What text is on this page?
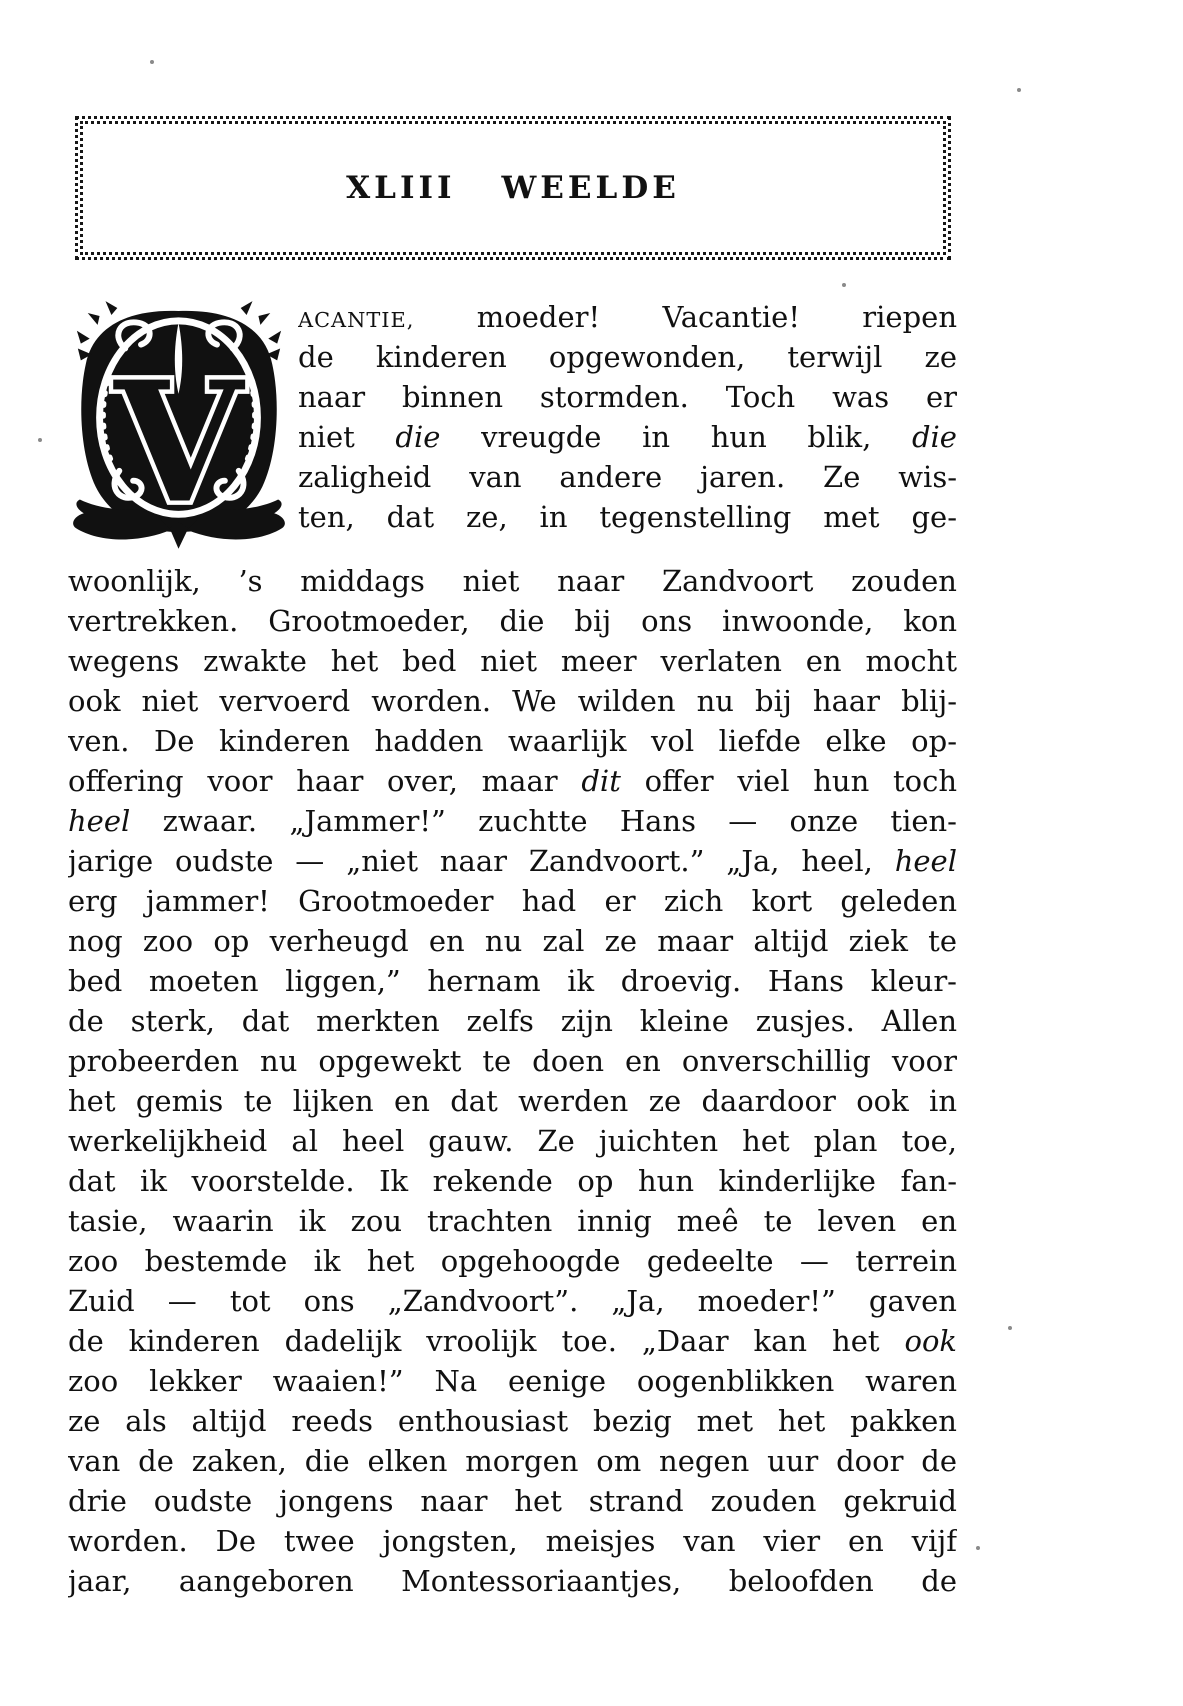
XLIII WEELDE
V
ACANTIE, moeder! Vacantie! riepen
de kinderen opgewonden, terwijl ze
naar binnen stormden. Toch was er
niet die vreugde in hun blik, die
zaligheid van andere jaren. Ze wis-
ten, dat ze, in tegenstelling met ge-
woonlijk, ’s middags niet naar Zandvoort zouden
vertrekken. Grootmoeder, die bij ons inwoonde, kon
wegens zwakte het bed niet meer verlaten en mocht
ook niet vervoerd worden. We wilden nu bij haar blij-
ven. De kinderen hadden waarlijk vol liefde elke op-
offering voor haar over, maar dit offer viel hun toch
heel zwaar. „Jammer!” zuchtte Hans — onze tien-
jarige oudste — „niet naar Zandvoort.” „Ja, heel, heel
erg jammer! Grootmoeder had er zich kort geleden
nog zoo op verheugd en nu zal ze maar altijd ziek te
bed moeten liggen,” hernam ik droevig. Hans kleur-
de sterk, dat merkten zelfs zijn kleine zusjes. Allen
probeerden nu opgewekt te doen en onverschillig voor
het gemis te lijken en dat werden ze daardoor ook in
werkelijkheid al heel gauw. Ze juichten het plan toe,
dat ik voorstelde. Ik rekende op hun kinderlijke fan-
tasie, waarin ik zou trachten innig meê te leven en
zoo bestemde ik het opgehoogde gedeelte — terrein
Zuid — tot ons „Zandvoort”. „Ja, moeder!” gaven
de kinderen dadelijk vroolijk toe. „Daar kan het ook
zoo lekker waaien!” Na eenige oogenblikken waren
ze als altijd reeds enthousiast bezig met het pakken
van de zaken, die elken morgen om negen uur door de
drie oudste jongens naar het strand zouden gekruid
worden. De twee jongsten, meisjes van vier en vijf
jaar, aangeboren Montessoriaantjes, beloofden de
